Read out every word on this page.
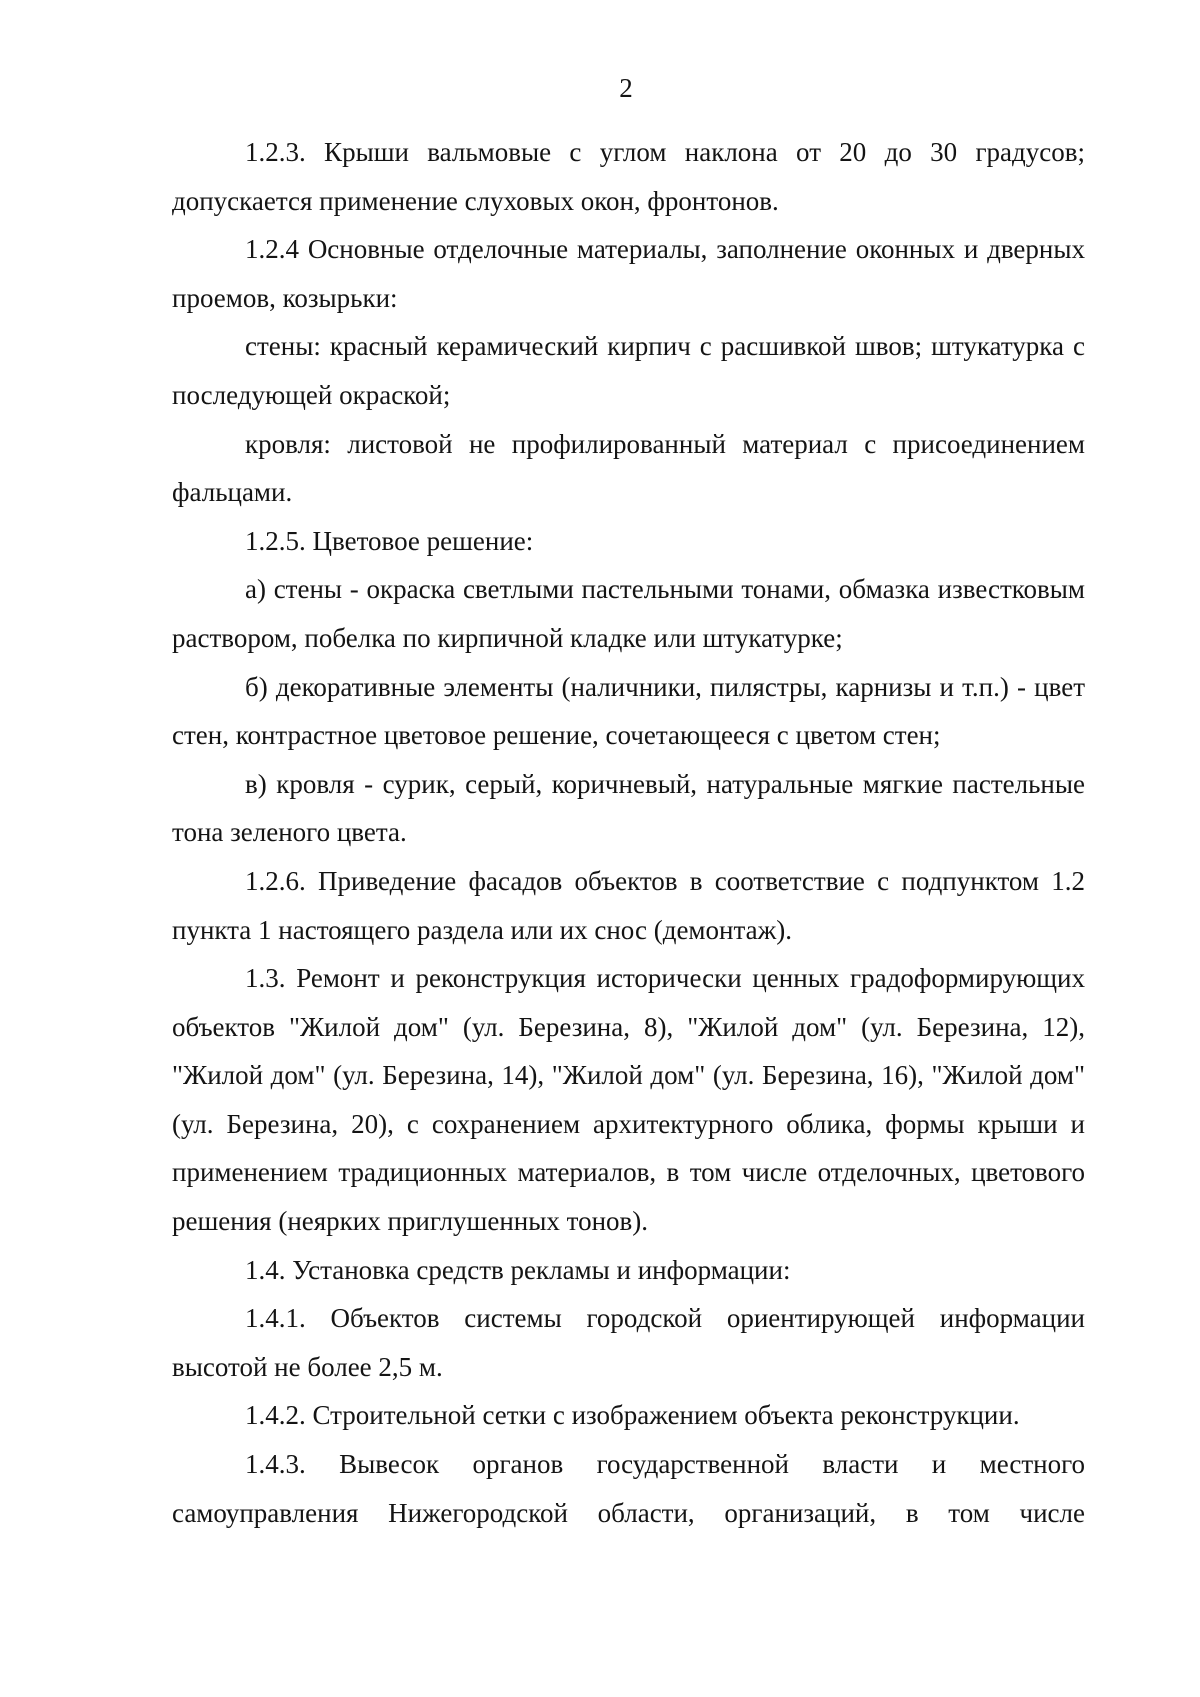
2

1.2.3. Крыши вальмовые с углом наклона от 20 до 30 градусов; допускается применение слуховых окон, фронтонов.

1.2.4 Основные отделочные материалы, заполнение оконных и дверных проемов, козырьки:

стены: красный керамический кирпич с расшивкой швов; штукатурка с последующей окраской;

кровля: листовой не профилированный материал с присоединением фальцами.

1.2.5. Цветовое решение:

а) стены - окраска светлыми пастельными тонами, обмазка известковым раствором, побелка по кирпичной кладке или штукатурке;

б) декоративные элементы (наличники, пилястры, карнизы и т.п.) - цвет стен, контрастное цветовое решение, сочетающееся с цветом стен;

в) кровля - сурик, серый, коричневый, натуральные мягкие пастельные тона зеленого цвета.

1.2.6. Приведение фасадов объектов в соответствие с подпунктом 1.2 пункта 1 настоящего раздела или их снос (демонтаж).

1.3. Ремонт и реконструкция исторически ценных градоформирующих объектов "Жилой дом" (ул. Березина, 8), "Жилой дом" (ул. Березина, 12), "Жилой дом" (ул. Березина, 14), "Жилой дом" (ул. Березина, 16), "Жилой дом" (ул. Березина, 20), с сохранением архитектурного облика, формы крыши и применением традиционных материалов, в том числе отделочных, цветового решения (неярких приглушенных тонов).

1.4. Установка средств рекламы и информации:

1.4.1. Объектов системы городской ориентирующей информации высотой не более 2,5 м.

1.4.2. Строительной сетки с изображением объекта реконструкции.

1.4.3. Вывесок органов государственной власти и местного самоуправления Нижегородской области, организаций, в том числе
